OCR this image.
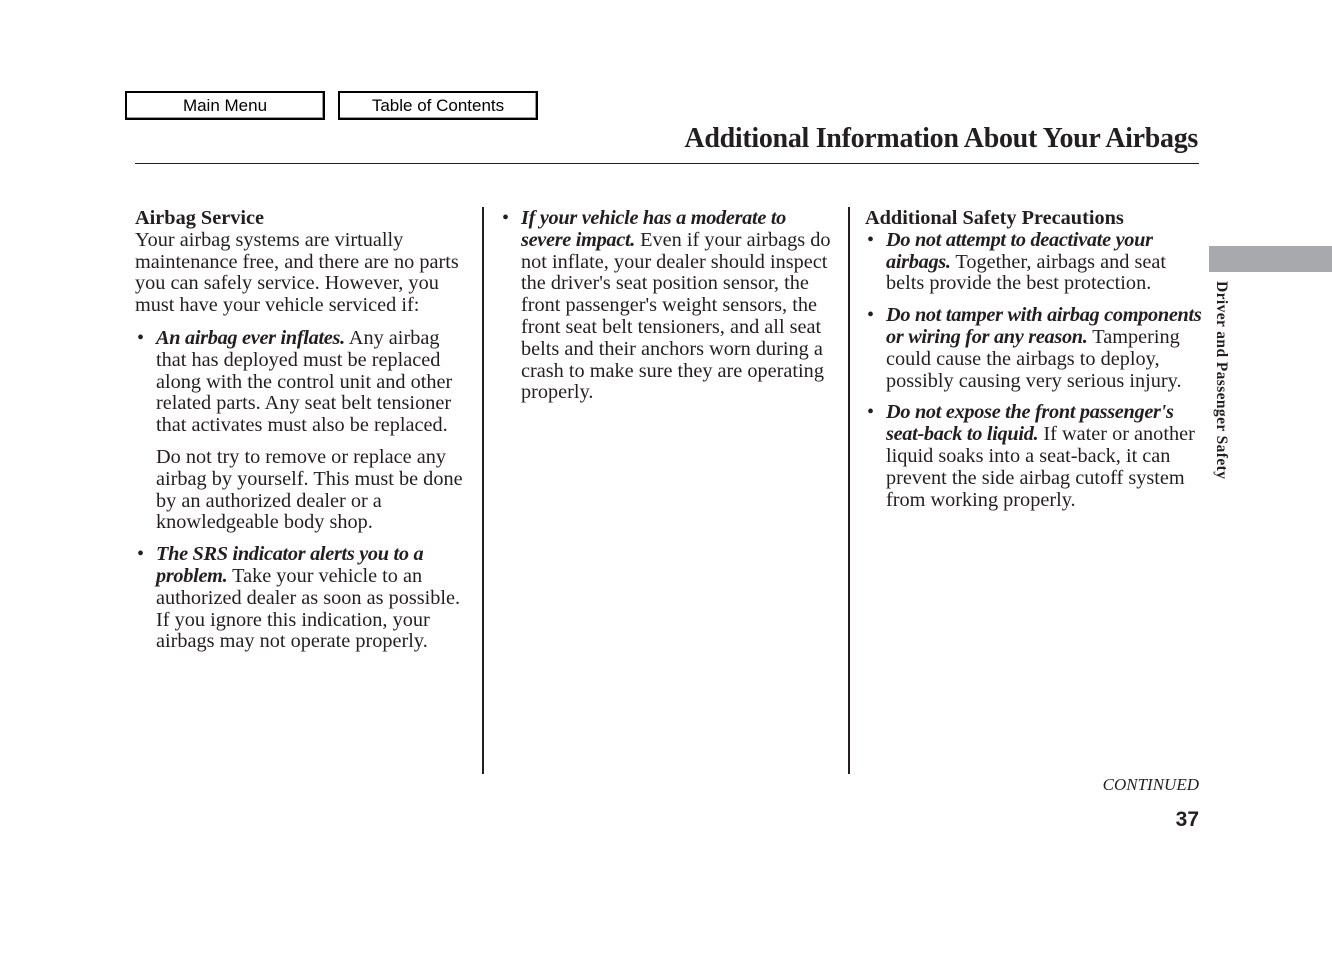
Main Menu	Table of Contents
Additional Information About Your Airbags

Airbag Service

Your airbag systems are virtually maintenance free, and there are no parts you can safely service. However, you must have your vehicle serviced if:

• An airbag ever inflates. Any airbag that has deployed must be replaced along with the control unit and other related parts. Any seat belt tensioner that activates must also be replaced.

Do not try to remove or replace any airbag by yourself. This must be done by an authorized dealer or a knowledgeable body shop.

• The SRS indicator alerts you to a problem. Take your vehicle to an authorized dealer as soon as possible. If you ignore this indication, your airbags may not operate properly.
• If your vehicle has a moderate to severe impact. Even if your airbags do not inflate, your dealer should inspect the driver's seat position sensor, the front passenger's weight sensors, the front seat belt tensioners, and all seat belts and their anchors worn during a crash to make sure they are operating properly.

Additional Safety Precautions

• Do not attempt to deactivate your airbags. Together, airbags and seat belts provide the best protection.
• Do not tamper with airbag components or wiring for any reason. Tampering could cause the airbags to deploy, possibly causing very serious injury.
• Do not expose the front passenger's seat-back to liquid. If water or another liquid soaks into a seat-back, it can prevent the side airbag cutoff system from working properly.
Driver and Passenger Safety

CONTINUED

37
